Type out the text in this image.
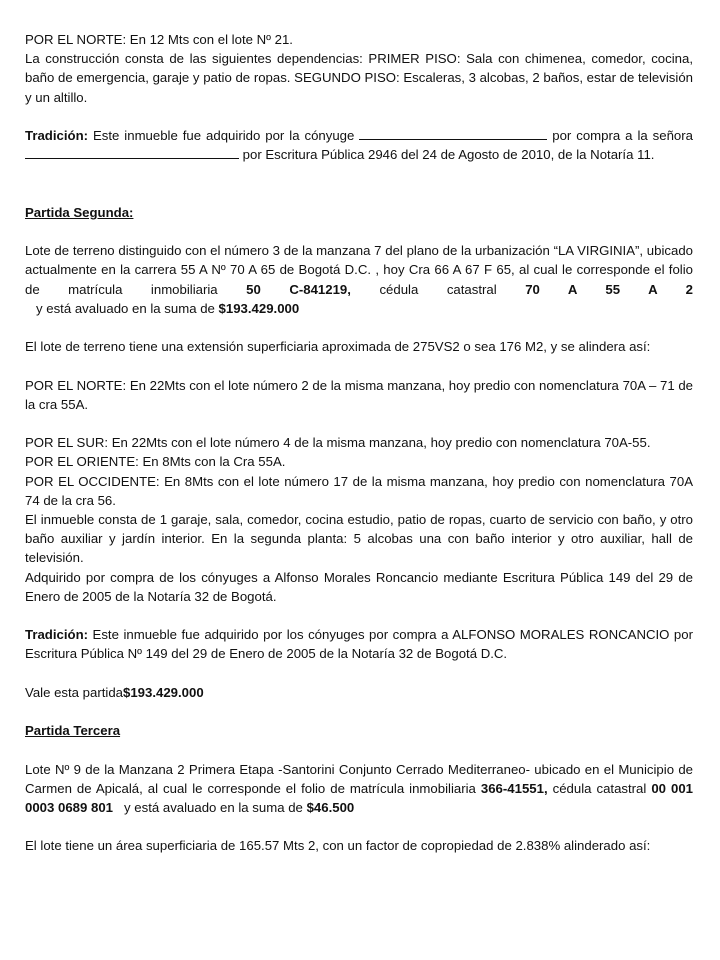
POR EL NORTE: En 12 Mts con el lote Nº 21.

La construcción consta de las siguientes dependencias: PRIMER PISO: Sala con chimenea, comedor, cocina, baño de emergencia, garaje y patio de ropas. SEGUNDO PISO: Escaleras, 3 alcobas, 2 baños, estar de televisión y un altillo.

Tradición: Este inmueble fue adquirido por la cónyuge	por compra a la señora  por Escritura Pública 2946 del 24 de Agosto de 2010, de la Notaría 11.

Partida Segunda:

Lote de terreno distinguido con el número 3 de la manzana 7 del plano de la urbanización “LA VIRGINIA”, ubicado actualmente en la carrera 55 A Nº 70 A 65 de Bogotá D.C. , hoy Cra 66 A 67 F 65, al cual le corresponde el folio de matrícula inmobiliaria 50 C-841219, cédula catastral 70 A 55 A 2   y está avaluado en la suma de $193.429.000

El lote de terreno tiene una extensión superficiaria aproximada de 275VS2 o sea 176 M2, y se alindera así:

POR EL NORTE: En 22Mts con el lote número 2 de la misma manzana, hoy predio con nomenclatura 70A – 71 de la cra 55A.

POR EL SUR: En 22Mts con el lote número 4 de la misma manzana, hoy predio con nomenclatura 70A-55.

POR EL ORIENTE: En 8Mts con la Cra 55A.

POR EL OCCIDENTE: En 8Mts con el lote número 17 de la misma manzana, hoy predio con nomenclatura 70A 74 de la cra 56.

El inmueble consta de 1 garaje, sala, comedor, cocina estudio, patio de ropas, cuarto de servicio con baño, y otro baño auxiliar y jardín interior. En la segunda planta: 5 alcobas una con baño interior y otro auxiliar, hall de televisión.

Adquirido por compra de los cónyuges a Alfonso Morales Roncancio mediante Escritura Pública 149 del 29 de Enero de 2005 de la Notaría 32 de Bogotá.

Tradición: Este inmueble fue adquirido por los cónyuges por compra a ALFONSO MORALES RONCANCIO por Escritura Pública Nº 149 del 29 de Enero de 2005 de la Notaría 32 de Bogotá D.C.

Vale esta partida$193.429.000

Partida Tercera

Lote Nº 9 de la Manzana 2 Primera Etapa -Santorini Conjunto Cerrado Mediterraneo- ubicado en el Municipio de Carmen de Apicalá, al cual le corresponde el folio de matrícula inmobiliaria 366-41551, cédula catastral 00 001 0003 0689 801   y está avaluado en la suma de $46.500

El lote tiene un área superficiaria de 165.57 Mts 2, con un factor de copropiedad de 2.838% alinderado así:
